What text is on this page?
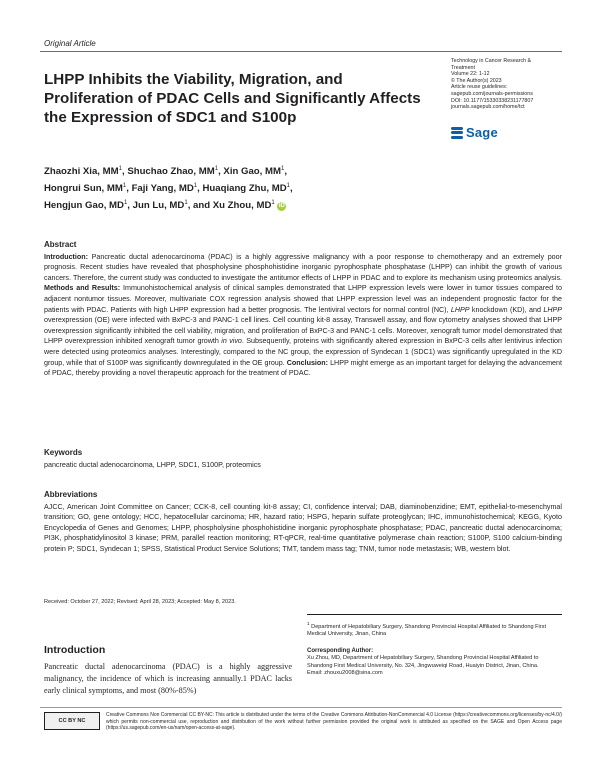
Original Article
LHPP Inhibits the Viability, Migration, and Proliferation of PDAC Cells and Significantly Affects the Expression of SDC1 and S100p
Technology in Cancer Research &
Treatment
Volume 22: 1-12
© The Author(s) 2023
Article reuse guidelines:
sagepub.com/journals-permissions
DOI: 10.1177/15330338231177807
journals.sagepub.com/home/tct
Sage
Zhaozhi Xia, $MM^1$, Shuchao Zhao, $MM^1$, Xin Gao, $MM^1$,
Hongrui Sun, $MM^1$, Faji Yang, $MD^1$, Huaqiang Zhu, $MD^1$,
Hengjun Gao, $MD^1$, Jun Lu, $MD^1$, and Xu Zhou, $MD^1$ iD
Abstract

Introduction: Pancreatic ductal adenocarcinoma (PDAC) is a highly aggressive malignancy with a poor response to chemotherapy and an extremely poor prognosis. Recent studies have revealed that phospholysine phosphohistidine inorganic pyrophosphate phosphatase (LHPP) can inhibit the growth of various cancers. Therefore, the current study was conducted to investigate the antitumor effects of LHPP in PDAC and to explore its mechanism using proteomics analysis. Methods and Results: Immunohistochemical analysis of clinical samples demonstrated that LHPP expression levels were lower in tumor tissues compared to adjacent nontumor tissues. Moreover, multivariate COX regression analysis showed that LHPP expression level was an independent prognostic factor for the patients with PDAC. Patients with high LHPP expression had a better prognosis. The lentiviral vectors for normal control (NC), LHPP knockdown (KD), and LHPP overexpression (OE) were infected with BxPC-3 and PANC-1 cell lines. Cell counting kit-8 assay, Transwell assay, and flow cytometry analyses showed that LHPP overexpression significantly inhibited the cell viability, migration, and proliferation of BxPC-3 and PANC-1 cells. Moreover, xenograft tumor model demonstrated that LHPP overexpression inhibited xenograft tumor growth in vivo. Subsequently, proteins with significantly altered expression in BxPC-3 cells after lentivirus infection were detected using proteomics analyses. Interestingly, compared to the NC group, the expression of Syndecan 1 (SDC1) was significantly upregulated in the KD group, while that of S100P was significantly downregulated in the OE group. Conclusion: LHPP might emerge as an important target for delaying the advancement of PDAC, thereby providing a novel therapeutic approach for the treatment of PDAC.

Keywords

pancreatic ductal adenocarcinoma, LHPP, SDC1, S100P, proteomics

Abbreviations

AJCC, American Joint Committee on Cancer; CCK-8, cell counting kit-8 assay; CI, confidence interval; DAB, diaminobenzidine; EMT, epithelial-to-mesenchymal transition; GO, gene ontology; HCC, hepatocellular carcinoma; HR, hazard ratio; HSPG, heparin sulfate proteoglycan; IHC, immunohistochemical; KEGG, Kyoto Encyclopedia of Genes and Genomes; LHPP, phospholysine phosphohistidine inorganic pyrophosphate phosphatase; PDAC, pancreatic ductal adenocarcinoma; PI3K, phosphatidylinositol 3 kinase; PRM, parallel reaction monitoring; RT-qPCR, real-time quantitative polymerase chain reaction; S100P, S100 calcium-binding protein P; SDC1, Syndecan 1; SPSS, Statistical Product Service Solutions; TMT, tandem mass tag; TNM, tumor node metastasis; WB, western blot.

Received: October 27, 2022; Revised: April 28, 2023; Accepted: May 8, 2023.
$^1$ Department of Hepatobiliary Surgery, Shandong Provincial Hospital Affiliated to Shandong First Medical University, Jinan, China
Introduction

Pancreatic ductal adenocarcinoma (PDAC) is a highly aggressive malignancy, the incidence of which is increasing annually.1 PDAC lacks early clinical symptoms, and most (80%-85%)

Corresponding Author:
Xu Zhou, MD, Department of Hepatobiliary Surgery, Shandong Provincial Hospital Affiliated to Shandong First Medical University, No. 324, Jingwuweiqi Road, Huaiyin District, Jinan, China.
Email: zhouxu2008@sina.com
CC BY NC

Creative Commons Non Commercial CC BY-NC: This article is distributed under the terms of the Creative Commons Attribution-NonCommercial 4.0 License (https://creativecommons.org/licenses/by-nc/4.0/) which permits non-commercial use, reproduction and distribution of the work without further permission provided the original work is attributed as specified on the SAGE and Open Access page (https://us.sagepub.com/en-us/nam/open-access-at-sage).
